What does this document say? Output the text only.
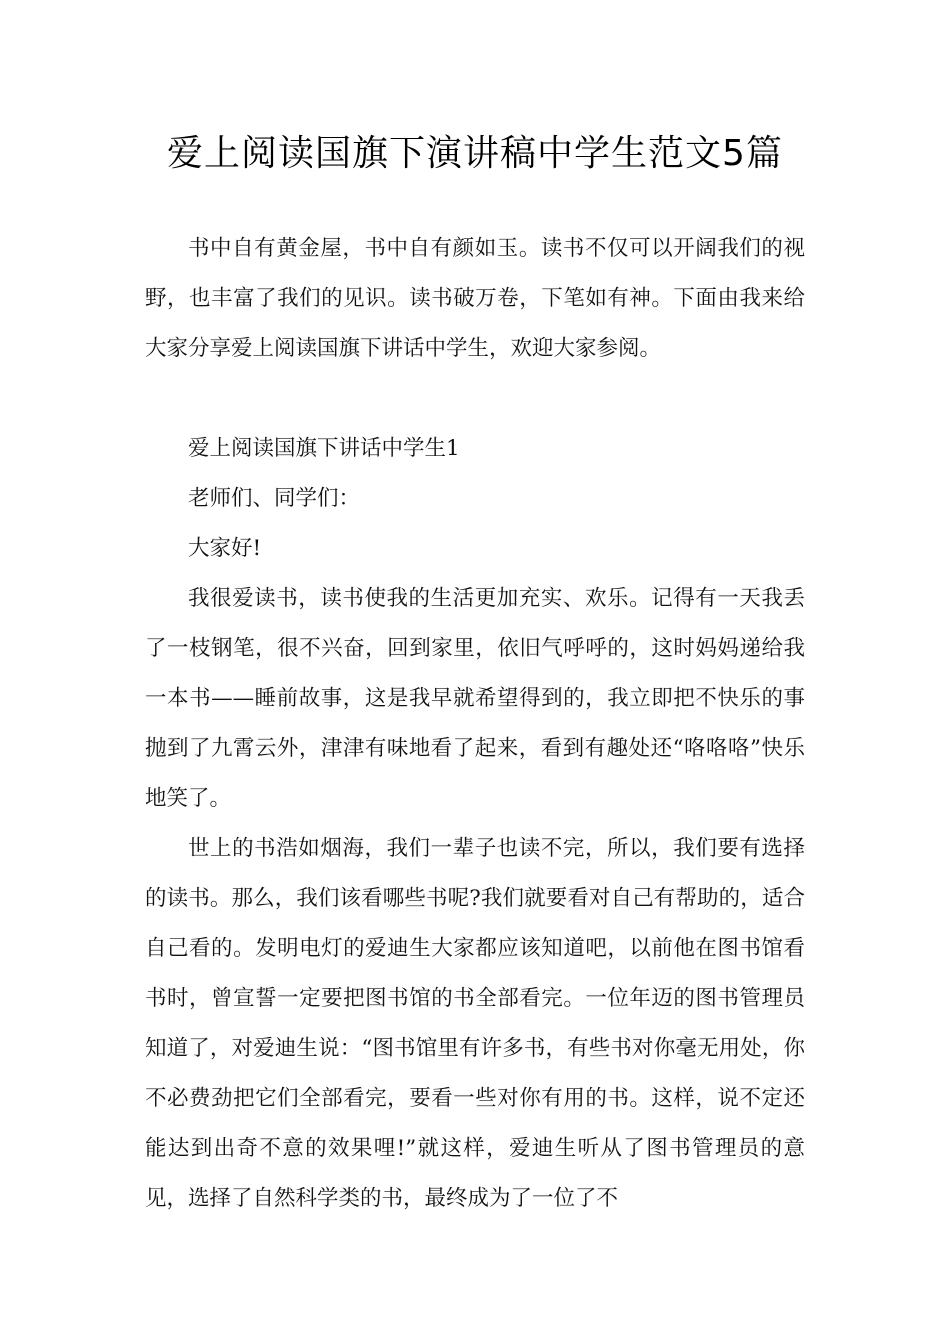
爱上阅读国旗下演讲稿中学生范文5篇

书中自有黄金屋，书中自有颜如玉。读书不仅可以开阔我们的视野，也丰富了我们的见识。读书破万卷，下笔如有神。下面由我来给大家分享爱上阅读国旗下讲话中学生，欢迎大家参阅。

爱上阅读国旗下讲话中学生1

老师们、同学们：

大家好!

我很爱读书，读书使我的生活更加充实、欢乐。记得有一天我丢了一枝钢笔，很不兴奋，回到家里，依旧气呼呼的，这时妈妈递给我一本书——睡前故事，这是我早就希望得到的，我立即把不快乐的事抛到了九霄云外，津津有味地看了起来，看到有趣处还“咯咯咯”快乐地笑了。

世上的书浩如烟海，我们一辈子也读不完，所以，我们要有选择的读书。那么，我们该看哪些书呢?我们就要看对自己有帮助的，适合自己看的。发明电灯的爱迪生大家都应该知道吧，以前他在图书馆看书时，曾宣誓一定要把图书馆的书全部看完。一位年迈的图书管理员知道了，对爱迪生说：“图书馆里有许多书，有些书对你毫无用处，你不必费劲把它们全部看完，要看一些对你有用的书。这样，说不定还能达到出奇不意的效果哩!”就这样，爱迪生听从了图书管理员的意见，选择了自然科学类的书，最终成为了一位了不
